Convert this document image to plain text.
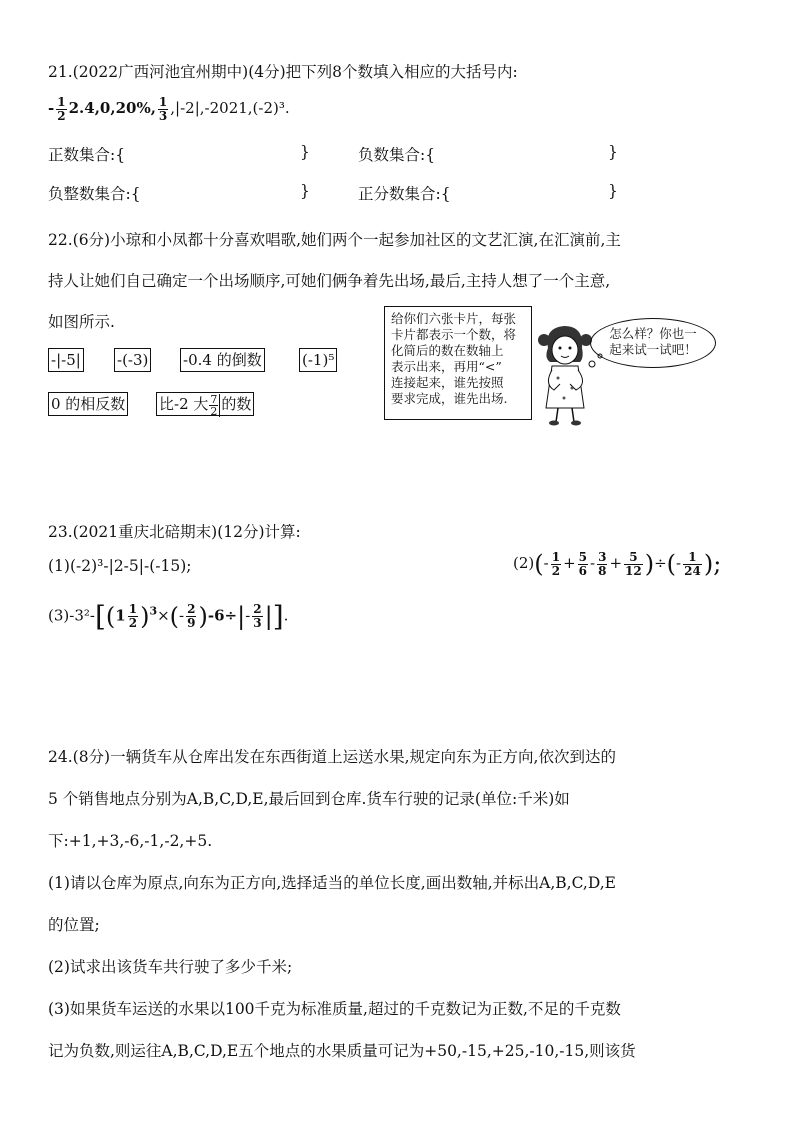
21.(2022广西河池宜州期中)(4分)把下列8个数填入相应的大括号内:
- $\frac{1}{2} 2.4,0,20\%$, $\frac{1}{3} ,|-2|,-2021,(-2)^3$.
正数集合:{	}	负数集合:{	}
负整数集合:{	}	正分数集合:{	}
22.(6分)小琼和小凤都十分喜欢唱歌,她们两个一起参加社区的文艺汇演,在汇演前,主
持人让她们自己确定一个出场顺序,可她们俩争着先出场,最后,主持人想了一个主意,
如图所示.
-|-5| -(-3) -0.4 的倒数	(-1)⁵
0 的相反数 比-2 大 $\frac{7}{2}$ 的数
给你们六张卡片，每张
卡片都表示一个数，将
化简后的数在数轴上
表示出来，再用“<”
连接起来，谁先按照
要求完成，谁先出场.
怎么样？你也一
起来试一试吧！
23.(2021重庆北碚期末)(12分)计算:
(1)(-2)³-|2-5|-(-15);	$(2)(- \frac{1}{2} + \frac{5}{6} - \frac{3}{8} + \frac{5}{12}$ )÷(- $\frac{1}{24}$ );
$(3)-3^2-[(1 \frac{1}{2} )^3\times(- \frac{2}{9} )-6\div|- \frac{2}{3}$ |].
24.(8分)一辆货车从仓库出发在东西街道上运送水果,规定向东为正方向,依次到达的
5 个销售地点分别为A,B,C,D,E,最后回到仓库.货车行驶的记录(单位:千米)如
下:+1,+3,-6,-1,-2,+5.
(1)请以仓库为原点,向东为正方向,选择适当的单位长度,画出数轴,并标出A,B,C,D,E
的位置;
(2)试求出该货车共行驶了多少千米;
(3)如果货车运送的水果以100千克为标准质量,超过的千克数记为正数,不足的千克数
记为负数,则运往A,B,C,D,E五个地点的水果质量可记为+50,-15,+25,-10,-15,则该货
